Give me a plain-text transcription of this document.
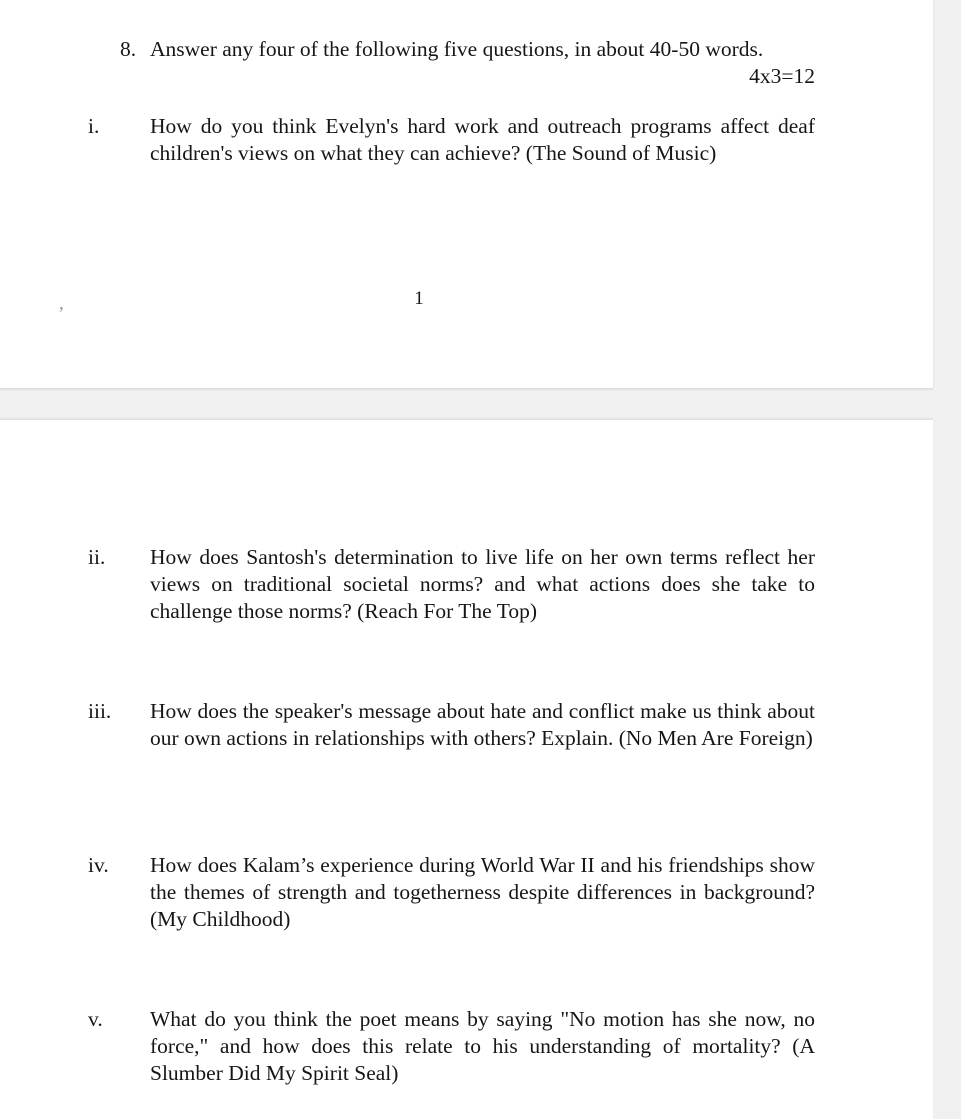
8. Answer any four of the following five questions, in about 40-50 words.
4x3=12
i.	How do you think Evelyn's hard work and outreach programs affect deaf children's views on what they can achieve? (The Sound of Music)
,	1
ii.	How does Santosh's determination to live life on her own terms reflect her views on traditional societal norms? and what actions does she take to challenge those norms? (Reach For The Top)
iii.	How does the speaker's message about hate and conflict make us think about our own actions in relationships with others? Explain. (No Men Are Foreign)
iv.	How does Kalam’s experience during World War II and his friendships show the themes of strength and togetherness despite differences in background? (My Childhood)
v.	What do you think the poet means by saying "No motion has she now, no force," and how does this relate to his understanding of mortality? (A Slumber Did My Spirit Seal)
